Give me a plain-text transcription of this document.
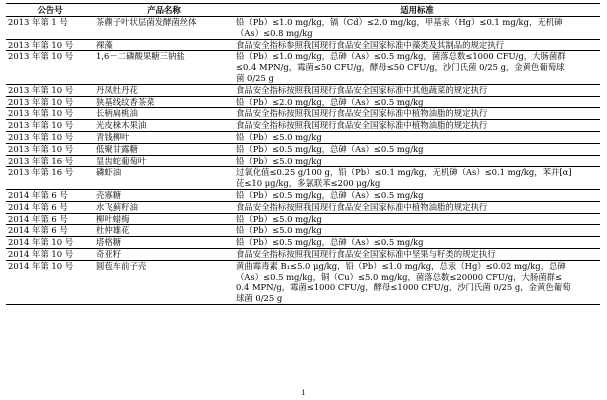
公告号	产品名称	适用标准
2013 年第 1 号	茶藨子叶状层菌发酵菌丝体	铅（Pb）≤1.0 mg/kg，镉（Cd）≤2.0 mg/kg，甲基汞（Hg）≤0.1 mg/kg，无机砷
（As）≤0.8 mg/kg
2013 年第 10 号	裸藻	食品安全指标参照我国现行食品安全国家标准中藻类及其制品的规定执行
2013 年第 10 号	1,6－二磷酸果糖三钠盐	铅（Pb）≤1.0 mg/kg，总砷（As）≤0.5 mg/kg，菌落总数≤1000 CFU/g，大肠菌群
≤0.4 MPN/g，霉菌≤50 CFU/g，酵母≤50 CFU/g，沙门氏菌 0/25 g，金黄色葡萄球
菌 0/25 g
2013 年第 10 号	丹凤牡丹花	食品安全指标按照我国现行食品安全国家标准中其他蔬菜的规定执行
2013 年第 10 号	狭基线纹香茶菜	铅（Pb）≤2.0 mg/kg，总砷（As）≤0.5 mg/kg
2013 年第 10 号	长柄扁桃油	食品安全指标按照我国现行食品安全国家标准中植物油脂的规定执行
2013 年第 10 号	光皮梾木果油	食品安全指标按照我国现行食品安全国家标准中植物油脂的规定执行
2013 年第 10 号	青钱柳叶	铅（Pb）≤5.0 mg/kg
2013 年第 10 号	低聚甘露糖	铅（Pb）≤0.5 mg/kg，总砷（As）≤0.5 mg/kg
2013 年第 16 号	显齿蛇葡萄叶	铅（Pb）≤5.0 mg/kg
2013 年第 16 号	磷虾油	过氧化值≤0.25 g/100 g，铅（Pb）≤0.1 mg/kg，无机砷（As）≤0.1 mg/kg，苯并[α]
芘≤10 μg/kg，多氯联苯≤200 μg/kg
2014 年第 6 号	壳寡糖	铅（Pb）≤0.5 mg/kg，总砷（As）≤0.5 mg/kg
2014 年第 6 号	水飞蓟籽油	食品安全指标按照我国现行食品安全国家标准中植物油脂的规定执行
2014 年第 6 号	柳叶蜡梅	铅（Pb）≤5.0 mg/kg
2014 年第 6 号	杜仲雄花	铅（Pb）≤5.0 mg/kg
2014 年第 10 号	塔格糖	铅（Pb）≤0.5 mg/kg，总砷（As）≤0.5 mg/kg
2014 年第 10 号	奇亚籽	食品安全指标按照我国现行食品安全国家标准中坚果与籽类的规定执行
2014 年第 10 号	圆苞车前子壳	黄曲霉毒素 B₁≤5.0 μg/kg，铅（Pb）≤1.0 mg/kg，总汞（Hg）≤0.02 mg/kg，总砷
（As）≤0.5 mg/kg，铜（Cu）≤5.0 mg/kg，菌落总数≤20000 CFU/g，大肠菌群≤
0.4 MPN/g，霉菌≤1000 CFU/g，酵母≤1000 CFU/g，沙门氏菌 0/25 g，金黄色葡萄
球菌 0/25 g
1
